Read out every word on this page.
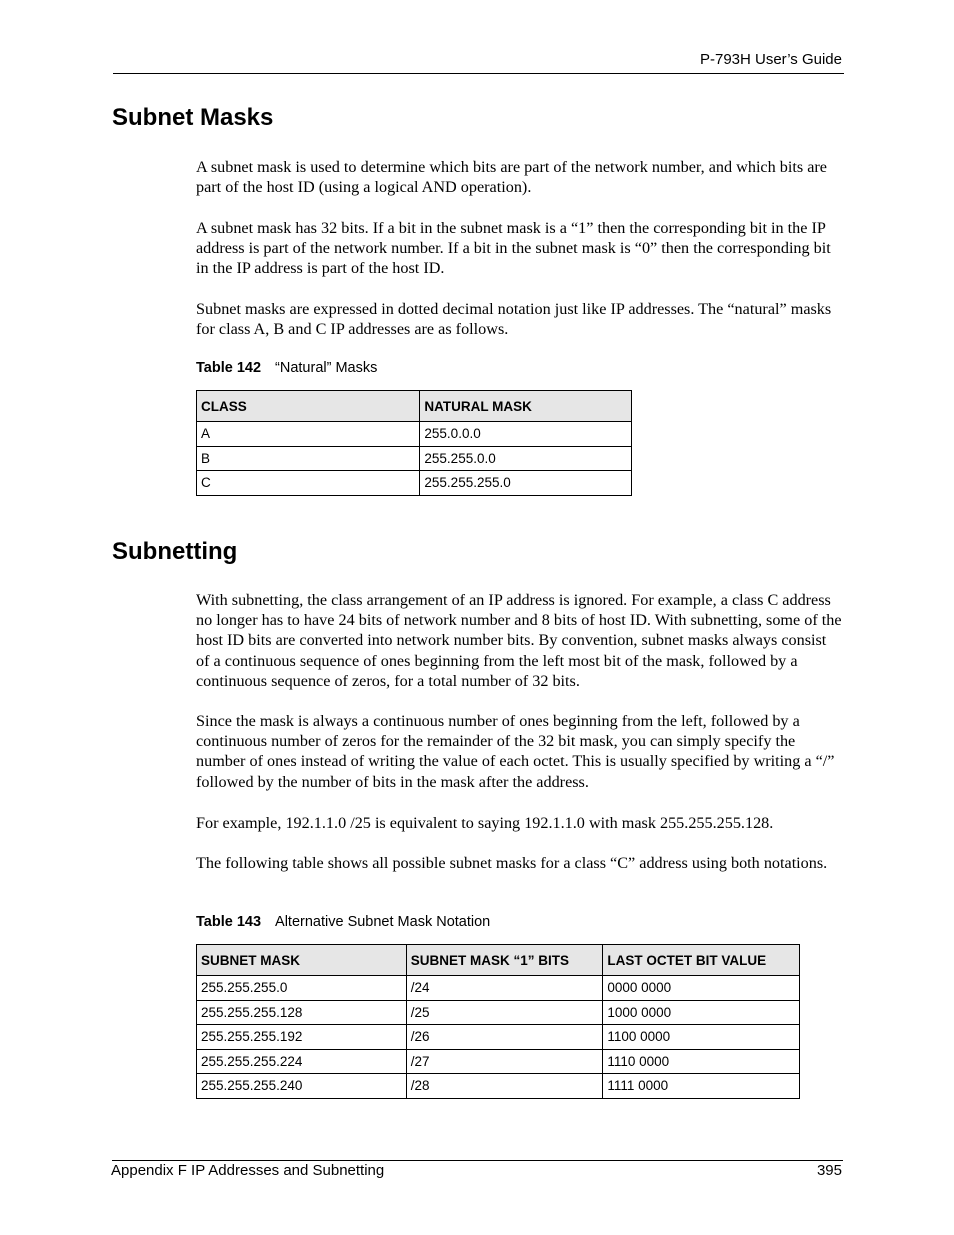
P-793H User’s Guide
Subnet Masks

A subnet mask is used to determine which bits are part of the network number, and which bits are part of the host ID (using a logical AND operation).

A subnet mask has 32 bits. If a bit in the subnet mask is a “1” then the corresponding bit in the IP address is part of the network number. If a bit in the subnet mask is “0” then the corresponding bit in the IP address is part of the host ID.

Subnet masks are expressed in dotted decimal notation just like IP addresses. The “natural” masks for class A, B and C IP addresses are as follows.

Table 142 “Natural” Masks
CLASS	NATURAL MASK
A	255.0.0.0
B	255.255.0.0
C	255.255.255.0
Subnetting

With subnetting, the class arrangement of an IP address is ignored. For example, a class C address no longer has to have 24 bits of network number and 8 bits of host ID. With subnetting, some of the host ID bits are converted into network number bits. By convention, subnet masks always consist of a continuous sequence of ones beginning from the left most bit of the mask, followed by a continuous sequence of zeros, for a total number of 32 bits.

Since the mask is always a continuous number of ones beginning from the left, followed by a continuous number of zeros for the remainder of the 32 bit mask, you can simply specify the number of ones instead of writing the value of each octet. This is usually specified by writing a “/” followed by the number of bits in the mask after the address.

For example, 192.1.1.0 /25 is equivalent to saying 192.1.1.0 with mask 255.255.255.128.

The following table shows all possible subnet masks for a class “C” address using both notations.

Table 143 Alternative Subnet Mask Notation
SUBNET MASK	SUBNET MASK “1” BITS	LAST OCTET BIT VALUE
255.255.255.0	/24	0000 0000
255.255.255.128	/25	1000 0000
255.255.255.192	/26	1100 0000
255.255.255.224	/27	1110 0000
255.255.255.240	/28	1111 0000
Appendix F IP Addresses and Subnetting	395
